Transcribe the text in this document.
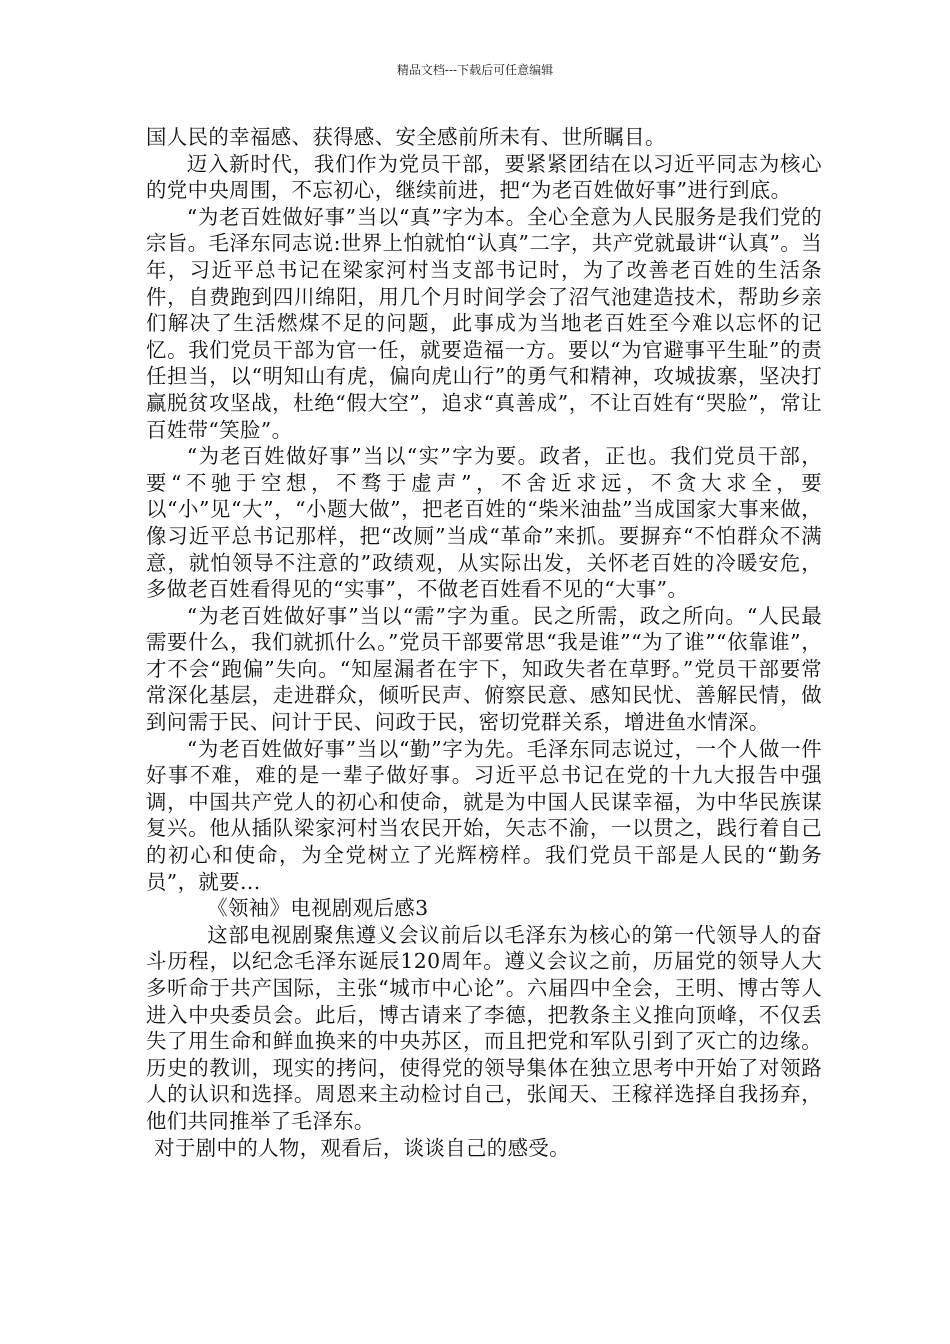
精品文档---下载后可任意编辑

国人民的幸福感、获得感、安全感前所未有、世所瞩目。

迈入新时代，我们作为党员干部，要紧紧团结在以习近平同志为核心的党中央周围，不忘初心，继续前进，把“为老百姓做好事”进行到底。

“为老百姓做好事”当以“真”字为本。全心全意为人民服务是我们党的宗旨。毛泽东同志说:世界上怕就怕“认真”二字，共产党就最讲“认真”。当年，习近平总书记在梁家河村当支部书记时，为了改善老百姓的生活条件，自费跑到四川绵阳，用几个月时间学会了沼气池建造技术，帮助乡亲们解决了生活燃煤不足的问题，此事成为当地老百姓至今难以忘怀的记忆。我们党员干部为官一任，就要造福一方。要以“为官避事平生耻”的责任担当，以“明知山有虎，偏向虎山行”的勇气和精神，攻城拔寨，坚决打赢脱贫攻坚战，杜绝“假大空”，追求“真善成”，不让百姓有“哭脸”，常让百姓带“笑脸”。

“为老百姓做好事”当以“实”字为要。政者，正也。我们党员干部，要“不驰于空想，不骛于虚声”，不舍近求远，不贪大求全，要以“小”见“大”，“小题大做”，把老百姓的“柴米油盐”当成国家大事来做，像习近平总书记那样，把“改厕”当成“革命”来抓。要摒弃“不怕群众不满意，就怕领导不注意的”政绩观，从实际出发，关怀老百姓的冷暖安危，多做老百姓看得见的“实事”，不做老百姓看不见的“大事”。

“为老百姓做好事”当以“需”字为重。民之所需，政之所向。“人民最需要什么，我们就抓什么。”党员干部要常思“我是谁”“为了谁”“依靠谁”，才不会“跑偏”失向。“知屋漏者在宇下，知政失者在草野。”党员干部要常常深化基层，走进群众，倾听民声、俯察民意、感知民忧、善解民情，做到问需于民、问计于民、问政于民，密切党群关系，增进鱼水情深。

“为老百姓做好事”当以“勤”字为先。毛泽东同志说过，一个人做一件好事不难，难的是一辈子做好事。习近平总书记在党的十九大报告中强调，中国共产党人的初心和使命，就是为中国人民谋幸福，为中华民族谋复兴。他从插队梁家河村当农民开始，矢志不渝，一以贯之，践行着自己的初心和使命，为全党树立了光辉榜样。我们党员干部是人民的“勤务员”，就要...

《领袖》电视剧观后感3

这部电视剧聚焦遵义会议前后以毛泽东为核心的第一代领导人的奋斗历程，以纪念毛泽东诞辰120周年。遵义会议之前，历届党的领导人大多听命于共产国际，主张“城市中心论”。六届四中全会，王明、博古等人进入中央委员会。此后，博古请来了李德，把教条主义推向顶峰，不仅丢失了用生命和鲜血换来的中央苏区，而且把党和军队引到了灭亡的边缘。历史的教训，现实的拷问，使得党的领导集体在独立思考中开始了对领路人的认识和选择。周恩来主动检讨自己，张闻天、王稼祥选择自我扬弃，他们共同推举了毛泽东。

对于剧中的人物，观看后，谈谈自己的感受。
